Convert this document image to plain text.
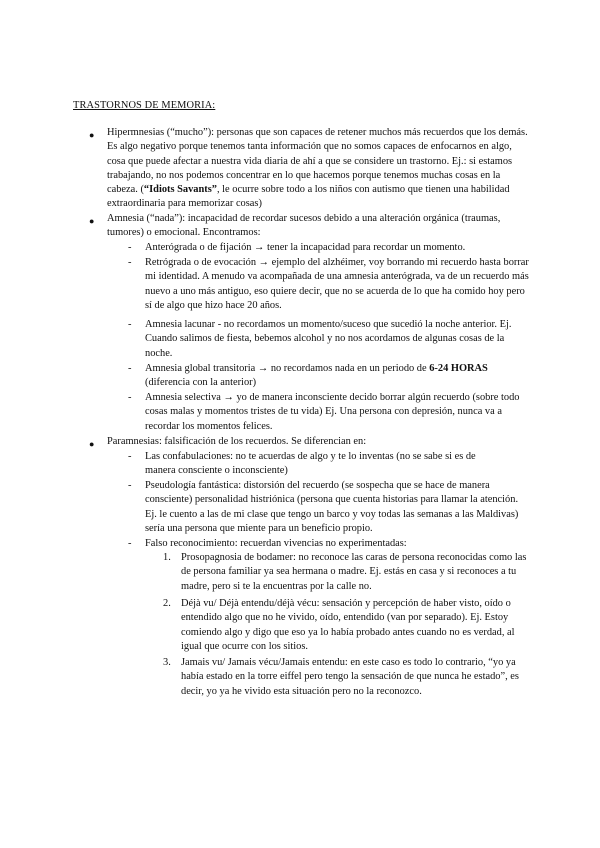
TRASTORNOS DE MEMORIA:
● Hipermnesias (“mucho”): personas que son capaces de retener muchos más recuerdos que los demás. Es algo negativo porque tenemos tanta información que no somos capaces de enfocarnos en algo, cosa que puede afectar a nuestra vida diaria de ahí a que se considere un trastorno. Ej.: si estamos trabajando, no nos podemos concentrar en lo que hacemos porque tenemos muchas cosas en la cabeza. (“Idiots Savants”, le ocurre sobre todo a los niños con autismo que tienen una habilidad extraordinaria para memorizar cosas)
● Amnesia (“nada”): incapacidad de recordar sucesos debido a una alteración orgánica (traumas, tumores) o emocional. Encontramos:
- Anterógrada o de fijación → tener la incapacidad para recordar un momento.
- Retrógrada o de evocación → ejemplo del alzhéimer, voy borrando mi recuerdo hasta borrar mi identidad. A menudo va acompañada de una amnesia anterógrada, va de un recuerdo más nuevo a uno más antiguo, eso quiere decir, que no se acuerda de lo que ha comido hoy pero sí de algo que hizo hace 20 años.
- Amnesia lacunar - no recordamos un momento/suceso que sucedió la noche anterior. Ej. Cuando salimos de fiesta, bebemos alcohol y no nos acordamos de algunas cosas de la noche.
- Amnesia global transitoria → no recordamos nada en un periodo de 6-24 HORAS (diferencia con la anterior)
- Amnesia selectiva → yo de manera inconsciente decido borrar algún recuerdo (sobre todo cosas malas y momentos tristes de tu vida) Ej. Una persona con depresión, nunca va a recordar los momentos felices.
● Paramnesias: falsificación de los recuerdos. Se diferencian en:
- Las confabulaciones: no te acuerdas de algo y te lo inventas (no se sabe si es de manera consciente o inconsciente)
- Pseudología fantástica: distorsión del recuerdo (se sospecha que se hace de manera consciente) personalidad histriónica (persona que cuenta historias para llamar la atención. Ej. le cuento a las de mi clase que tengo un barco y voy todas las semanas a las Maldivas) sería una persona que miente para un beneficio propio.
- Falso reconocimiento: recuerdan vivencias no experimentadas:
1. Prosopagnosia de bodamer: no reconoce las caras de persona reconocidas como las de persona familiar ya sea hermana o madre. Ej. estás en casa y si reconoces a tu madre, pero si te la encuentras por la calle no.
2. Déjà vu/ Déjà entendu/déjà vécu: sensación y percepción de haber visto, oído o entendido algo que no he vivido, oído, entendido (van por separado). Ej. Estoy comiendo algo y digo que eso ya lo había probado antes cuando no es verdad, al igual que ocurre con los sitios.
3. Jamais vu/ Jamais vécu/Jamais entendu: en este caso es todo lo contrario, “yo ya había estado en la torre eiffel pero tengo la sensación de que nunca he estado”, es decir, yo ya he vivido esta situación pero no la reconozco.
